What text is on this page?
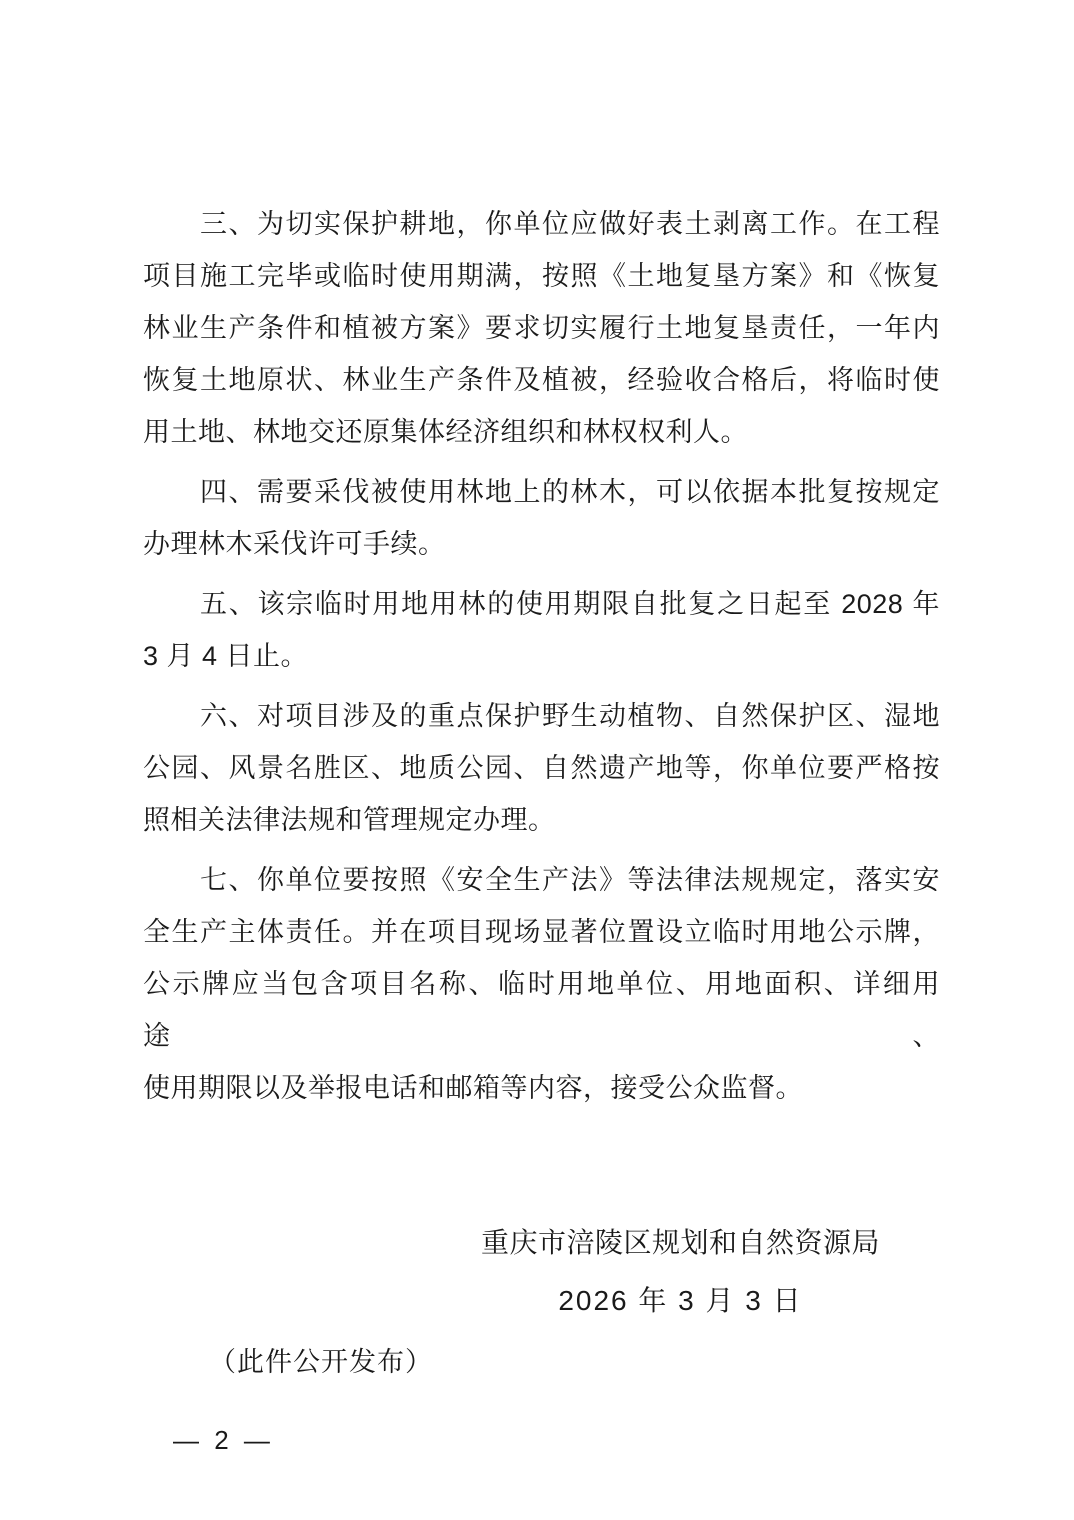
三、为切实保护耕地，你单位应做好表土剥离工作。在工程
项目施工完毕或临时使用期满，按照《土地复垦方案》和《恢复
林业生产条件和植被方案》要求切实履行土地复垦责任，一年内
恢复土地原状、林业生产条件及植被，经验收合格后，将临时使
用土地、林地交还原集体经济组织和林权权利人。
四、需要采伐被使用林地上的林木，可以依据本批复按规定
办理林木采伐许可手续。
五、该宗临时用地用林的使用期限自批复之日起至 2028 年
3 月 4 日止。
六、对项目涉及的重点保护野生动植物、自然保护区、湿地
公园、风景名胜区、地质公园、自然遗产地等，你单位要严格按
照相关法律法规和管理规定办理。
七、你单位要按照《安全生产法》等法律法规规定，落实安
全生产主体责任。并在项目现场显著位置设立临时用地公示牌，
公示牌应当包含项目名称、临时用地单位、用地面积、详细用途、
使用期限以及举报电话和邮箱等内容，接受公众监督。
重庆市涪陵区规划和自然资源局
2026 年 3 月 3 日
（此件公开发布）
— 2 —
